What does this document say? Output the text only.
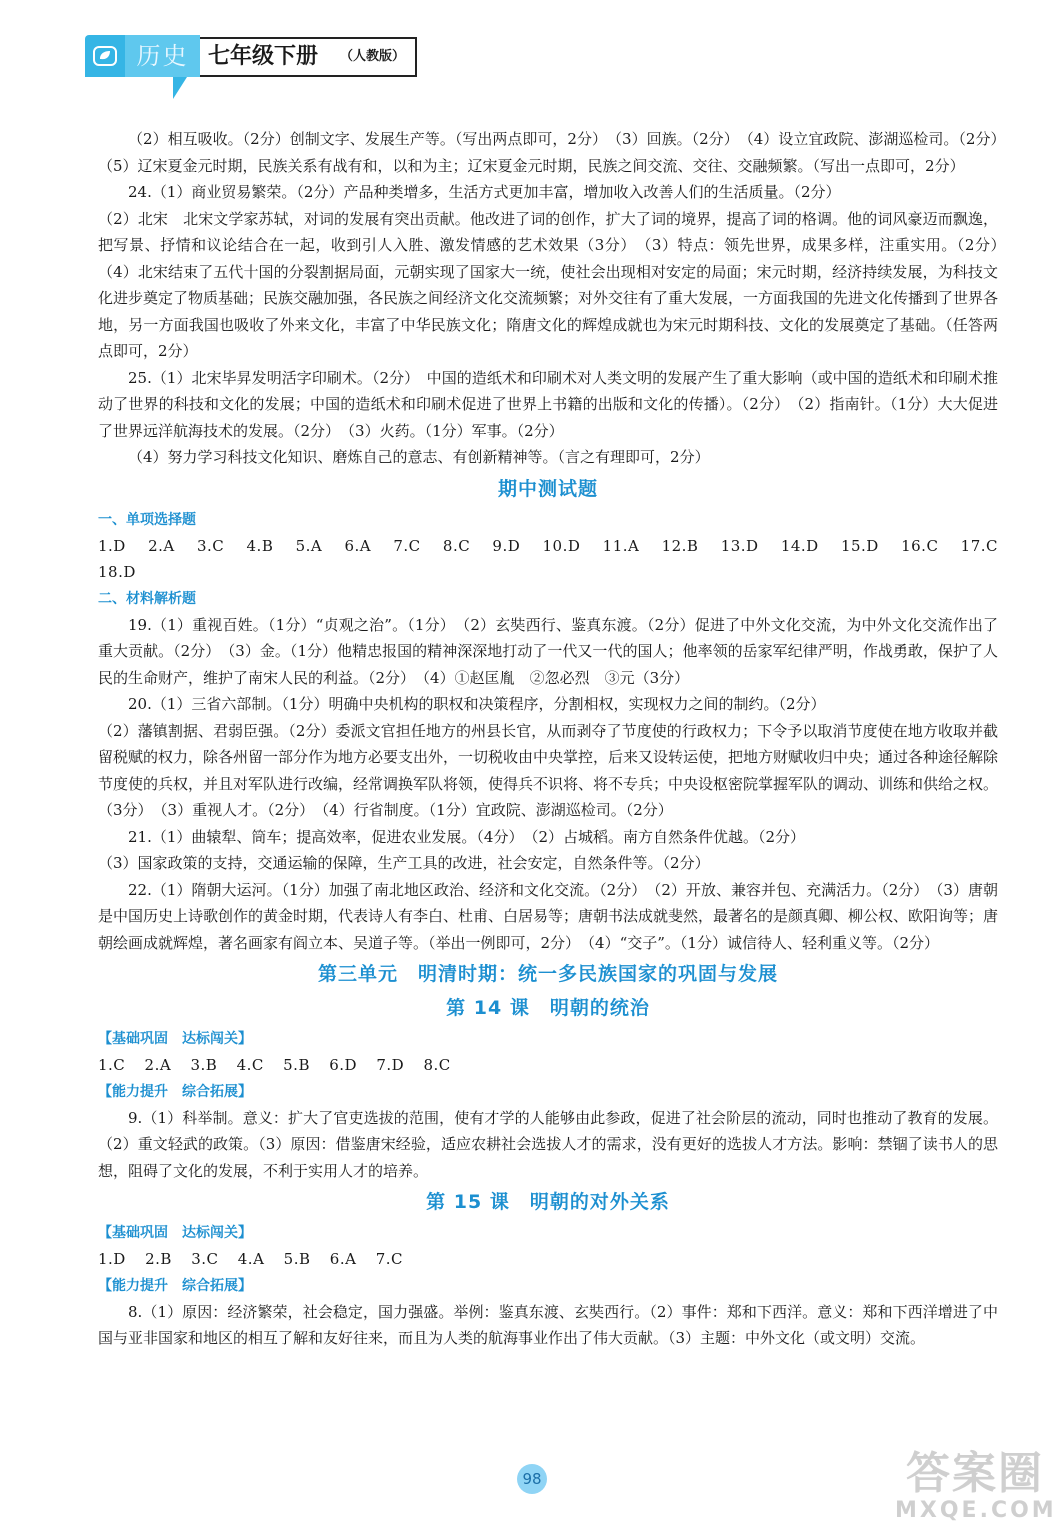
历史 七年级下册 （人教版）

（2）相互吸收。（2分）创制文字、发展生产等。（写出两点即可，2分）　（3）回族。（2分）　（4）设立宜政院、澎湖巡检司。（2分）　（5）辽宋夏金元时期，民族关系有战有和，以和为主；辽宋夏金元时期，民族之间交流、交往、交融频繁。（写出一点即可，2分）

24.（1）商业贸易繁荣。（2分）产品种类增多，生活方式更加丰富，增加收入改善人们的生活质量。（2分）

（2）北宋　北宋文学家苏轼，对词的发展有突出贡献。他改进了词的创作，扩大了词的境界，提高了词的格调。他的词风豪迈而飘逸，把写景、抒情和议论结合在一起，收到引人入胜、激发情感的艺术效果（3分）　（3）特点：领先世界，成果多样，注重实用。（2分）　（4）北宋结束了五代十国的分裂割据局面，元朝实现了国家大一统，使社会出现相对安定的局面；宋元时期，经济持续发展，为科技文化进步奠定了物质基础；民族交融加强，各民族之间经济文化交流频繁；对外交往有了重大发展，一方面我国的先进文化传播到了世界各地，另一方面我国也吸收了外来文化，丰富了中华民族文化；隋唐文化的辉煌成就也为宋元时期科技、文化的发展奠定了基础。（任答两点即可，2分）

25.（1）北宋毕昇发明活字印刷术。（2分）　中国的造纸术和印刷术对人类文明的发展产生了重大影响（或中国的造纸术和印刷术推动了世界的科技和文化的发展；中国的造纸术和印刷术促进了世界上书籍的出版和文化的传播）。（2分）　（2）指南针。（1分）大大促进了世界远洋航海技术的发展。（2分）　（3）火药。（1分）军事。（2分）

（4）努力学习科技文化知识、磨炼自己的意志、有创新精神等。（言之有理即可，2分）

期中测试题
一、单项选择题

1.D 2.A 3.C 4.B 5.A 6.A 7.C 8.C 9.D 10.D 11.A 12.B 13.D 14.D 15.D 16.C 17.C 18.D

二、材料解析题

19.（1）重视百姓。（1分）“贞观之治”。（1分）　（2）玄奘西行、鉴真东渡。（2分）促进了中外文化交流，为中外文化交流作出了重大贡献。（2分）　（3）金。（1分）他精忠报国的精神深深地打动了一代又一代的国人；他率领的岳家军纪律严明，作战勇敢，保护了人民的生命财产，维护了南宋人民的利益。（2分）　（4）①赵匡胤　②忽必烈　③元（3分）

20.（1）三省六部制。（1分）明确中央机构的职权和决策程序，分割相权，实现权力之间的制约。（2分）

（2）藩镇割据、君弱臣强。（2分）委派文官担任地方的州县长官，从而剥夺了节度使的行政权力；下令予以取消节度使在地方收取并截留税赋的权力，除各州留一部分作为地方必要支出外，一切税收由中央掌控，后来又设转运使，把地方财赋收归中央；通过各种途径解除节度使的兵权，并且对军队进行改编，经常调换军队将领，使得兵不识将、将不专兵；中央设枢密院掌握军队的调动、训练和供给之权。（3分）　（3）重视人才。（2分）　（4）行省制度。（1分）宜政院、澎湖巡检司。（2分）

21.（1）曲辕犁、筒车；提高效率，促进农业发展。（4分）　（2）占城稻。南方自然条件优越。（2分）

（3）国家政策的支持，交通运输的保障，生产工具的改进，社会安定，自然条件等。（2分）

22.（1）隋朝大运河。（1分）加强了南北地区政治、经济和文化交流。（2分）　（2）开放、兼容并包、充满活力。（2分）　（3）唐朝是中国历史上诗歌创作的黄金时期，代表诗人有李白、杜甫、白居易等；唐朝书法成就斐然，最著名的是颜真卿、柳公权、欧阳询等；唐朝绘画成就辉煌，著名画家有阎立本、吴道子等。（举出一例即可，2分）　（4）“交子”。（1分）诚信待人、轻利重义等。（2分）

第三单元　明清时期：统一多民族国家的巩固与发展
第 14 课　明朝的统治
【基础巩固　达标闯关】

1.C 2.A 3.B 4.C 5.B 6.D 7.D 8.C

【能力提升　综合拓展】

9.（1）科举制。意义：扩大了官吏选拔的范围，使有才学的人能够由此参政，促进了社会阶层的流动，同时也推动了教育的发展。（2）重文轻武的政策。（3）原因：借鉴唐宋经验，适应农耕社会选拔人才的需求，没有更好的选拔人才方法。影响：禁锢了读书人的思想，阻碍了文化的发展，不利于实用人才的培养。

第 15 课　明朝的对外关系
【基础巩固　达标闯关】

1.D 2.B 3.C 4.A 5.B 6.A 7.C

【能力提升　综合拓展】

8.（1）原因：经济繁荣，社会稳定，国力强盛。举例：鉴真东渡、玄奘西行。（2）事件：郑和下西洋。意义：郑和下西洋增进了中国与亚非国家和地区的相互了解和友好往来，而且为人类的航海事业作出了伟大贡献。（3）主题：中外文化（或文明）交流。

98	答案圈
MXQE.COM
